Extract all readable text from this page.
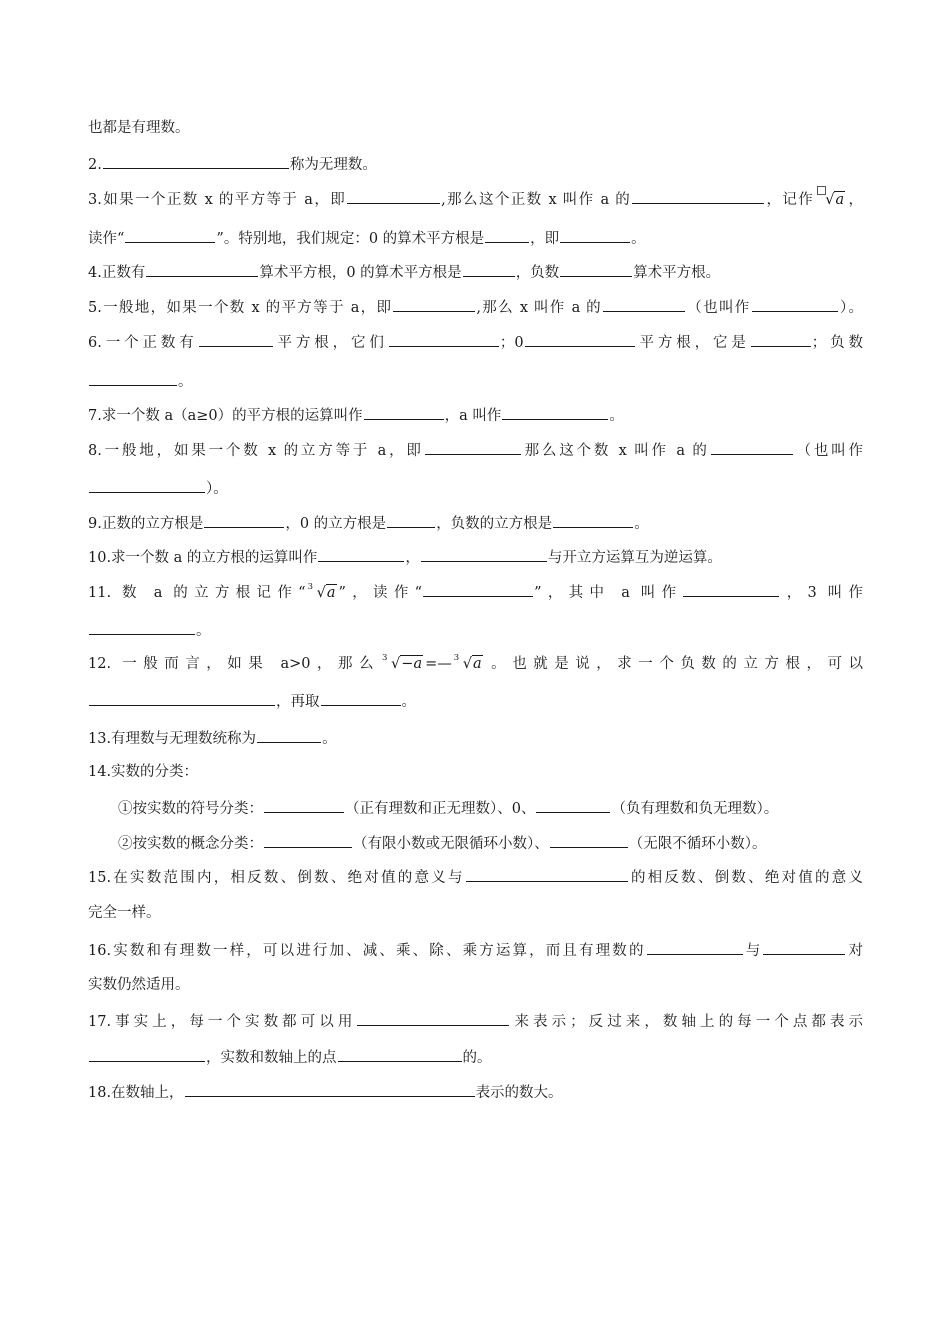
也都是有理数。
2.	称为无理数。
3.如果一个正数 x 的平方等于 a，即	,那么这个正数 x 叫作 a 的	，记作 √a ，
读作“	”。特别地，我们规定：0 的算术平方根是	，即	。
4.正数有	算术平方根，0 的算术平方根是	，负数	算术平方根。
5.一般地，如果一个数 x 的平方等于 a，即	,那么 x 叫作 a 的	（也叫作	）。
6.一个正数有	平方根，它们	；0	平方根，它是	；负数
。
7.求一个数 a（a≥0）的平方根的运算叫作	，a 叫作	。
8.一般地，如果一个数 x 的立方等于 a，即	那么这个数 x 叫作 a 的	（也叫作
）。
9.正数的立方根是	，0 的立方根是	，负数的立方根是	。
10.求一个数 a 的立方根的运算叫作	，	与开立方运算互为逆运算。
11. 数 a 的立方根记作“ 3 √a ”，读作“	”，其中 a 叫作	，3 叫作
。
12. 一般而言，如果 a>0，那么 3 √−a =— 3 √a 。也就是说，求一个负数的立方根，可以
，再取	。
13.有理数与无理数统称为	。
14.实数的分类：
①按实数的符号分类：	（正有理数和正无理数）、0、	（负有理数和负无理数）。
②按实数的概念分类：	（有限小数或无限循环小数）、	（无限不循环小数）。
15.在实数范围内，相反数、倒数、绝对值的意义与	的相反数、倒数、绝对值的意义
完全一样。
16.实数和有理数一样，可以进行加、减、乘、除、乘方运算，而且有理数的	与	对
实数仍然适用。
17.事实上，每一个实数都可以用	来表示；反过来，数轴上的每一个点都表示
，实数和数轴上的点	的。
18.在数轴上，	表示的数大。
